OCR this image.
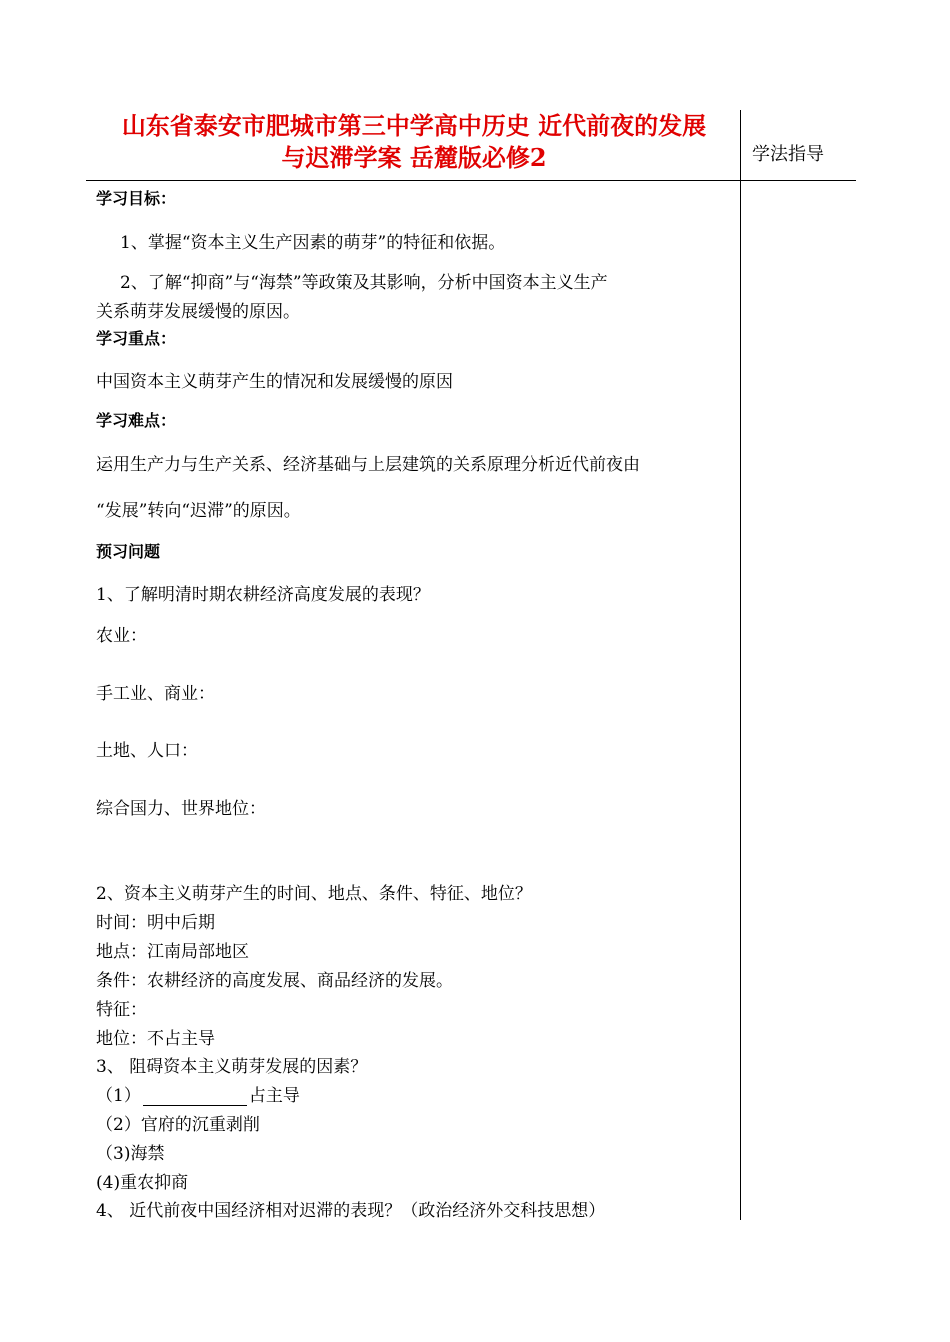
山东省泰安市肥城市第三中学高中历史 近代前夜的发展
与迟滞学案 岳麓版必修2	学法指导
学习目标：
1、掌握“资本主义生产因素的萌芽”的特征和依据。
2、了解“抑商”与“海禁”等政策及其影响，分析中国资本主义生产
关系萌芽发展缓慢的原因。
学习重点：
中国资本主义萌芽产生的情况和发展缓慢的原因
学习难点：
运用生产力与生产关系、经济基础与上层建筑的关系原理分析近代前夜由
“发展”转向“迟滞”的原因。
预习问题
1、了解明清时期农耕经济高度发展的表现？
农业：
手工业、商业：
土地、人口：
综合国力、世界地位：
2、资本主义萌芽产生的时间、地点、条件、特征、地位？
时间：明中后期
地点：江南局部地区
条件：农耕经济的高度发展、商品经济的发展。
特征：
地位：不占主导
3、 阻碍资本主义萌芽发展的因素？
（1）	占主导
（2）官府的沉重剥削
（3)海禁
(4)重农抑商
4、 近代前夜中国经济相对迟滞的表现？（政治经济外交科技思想）
